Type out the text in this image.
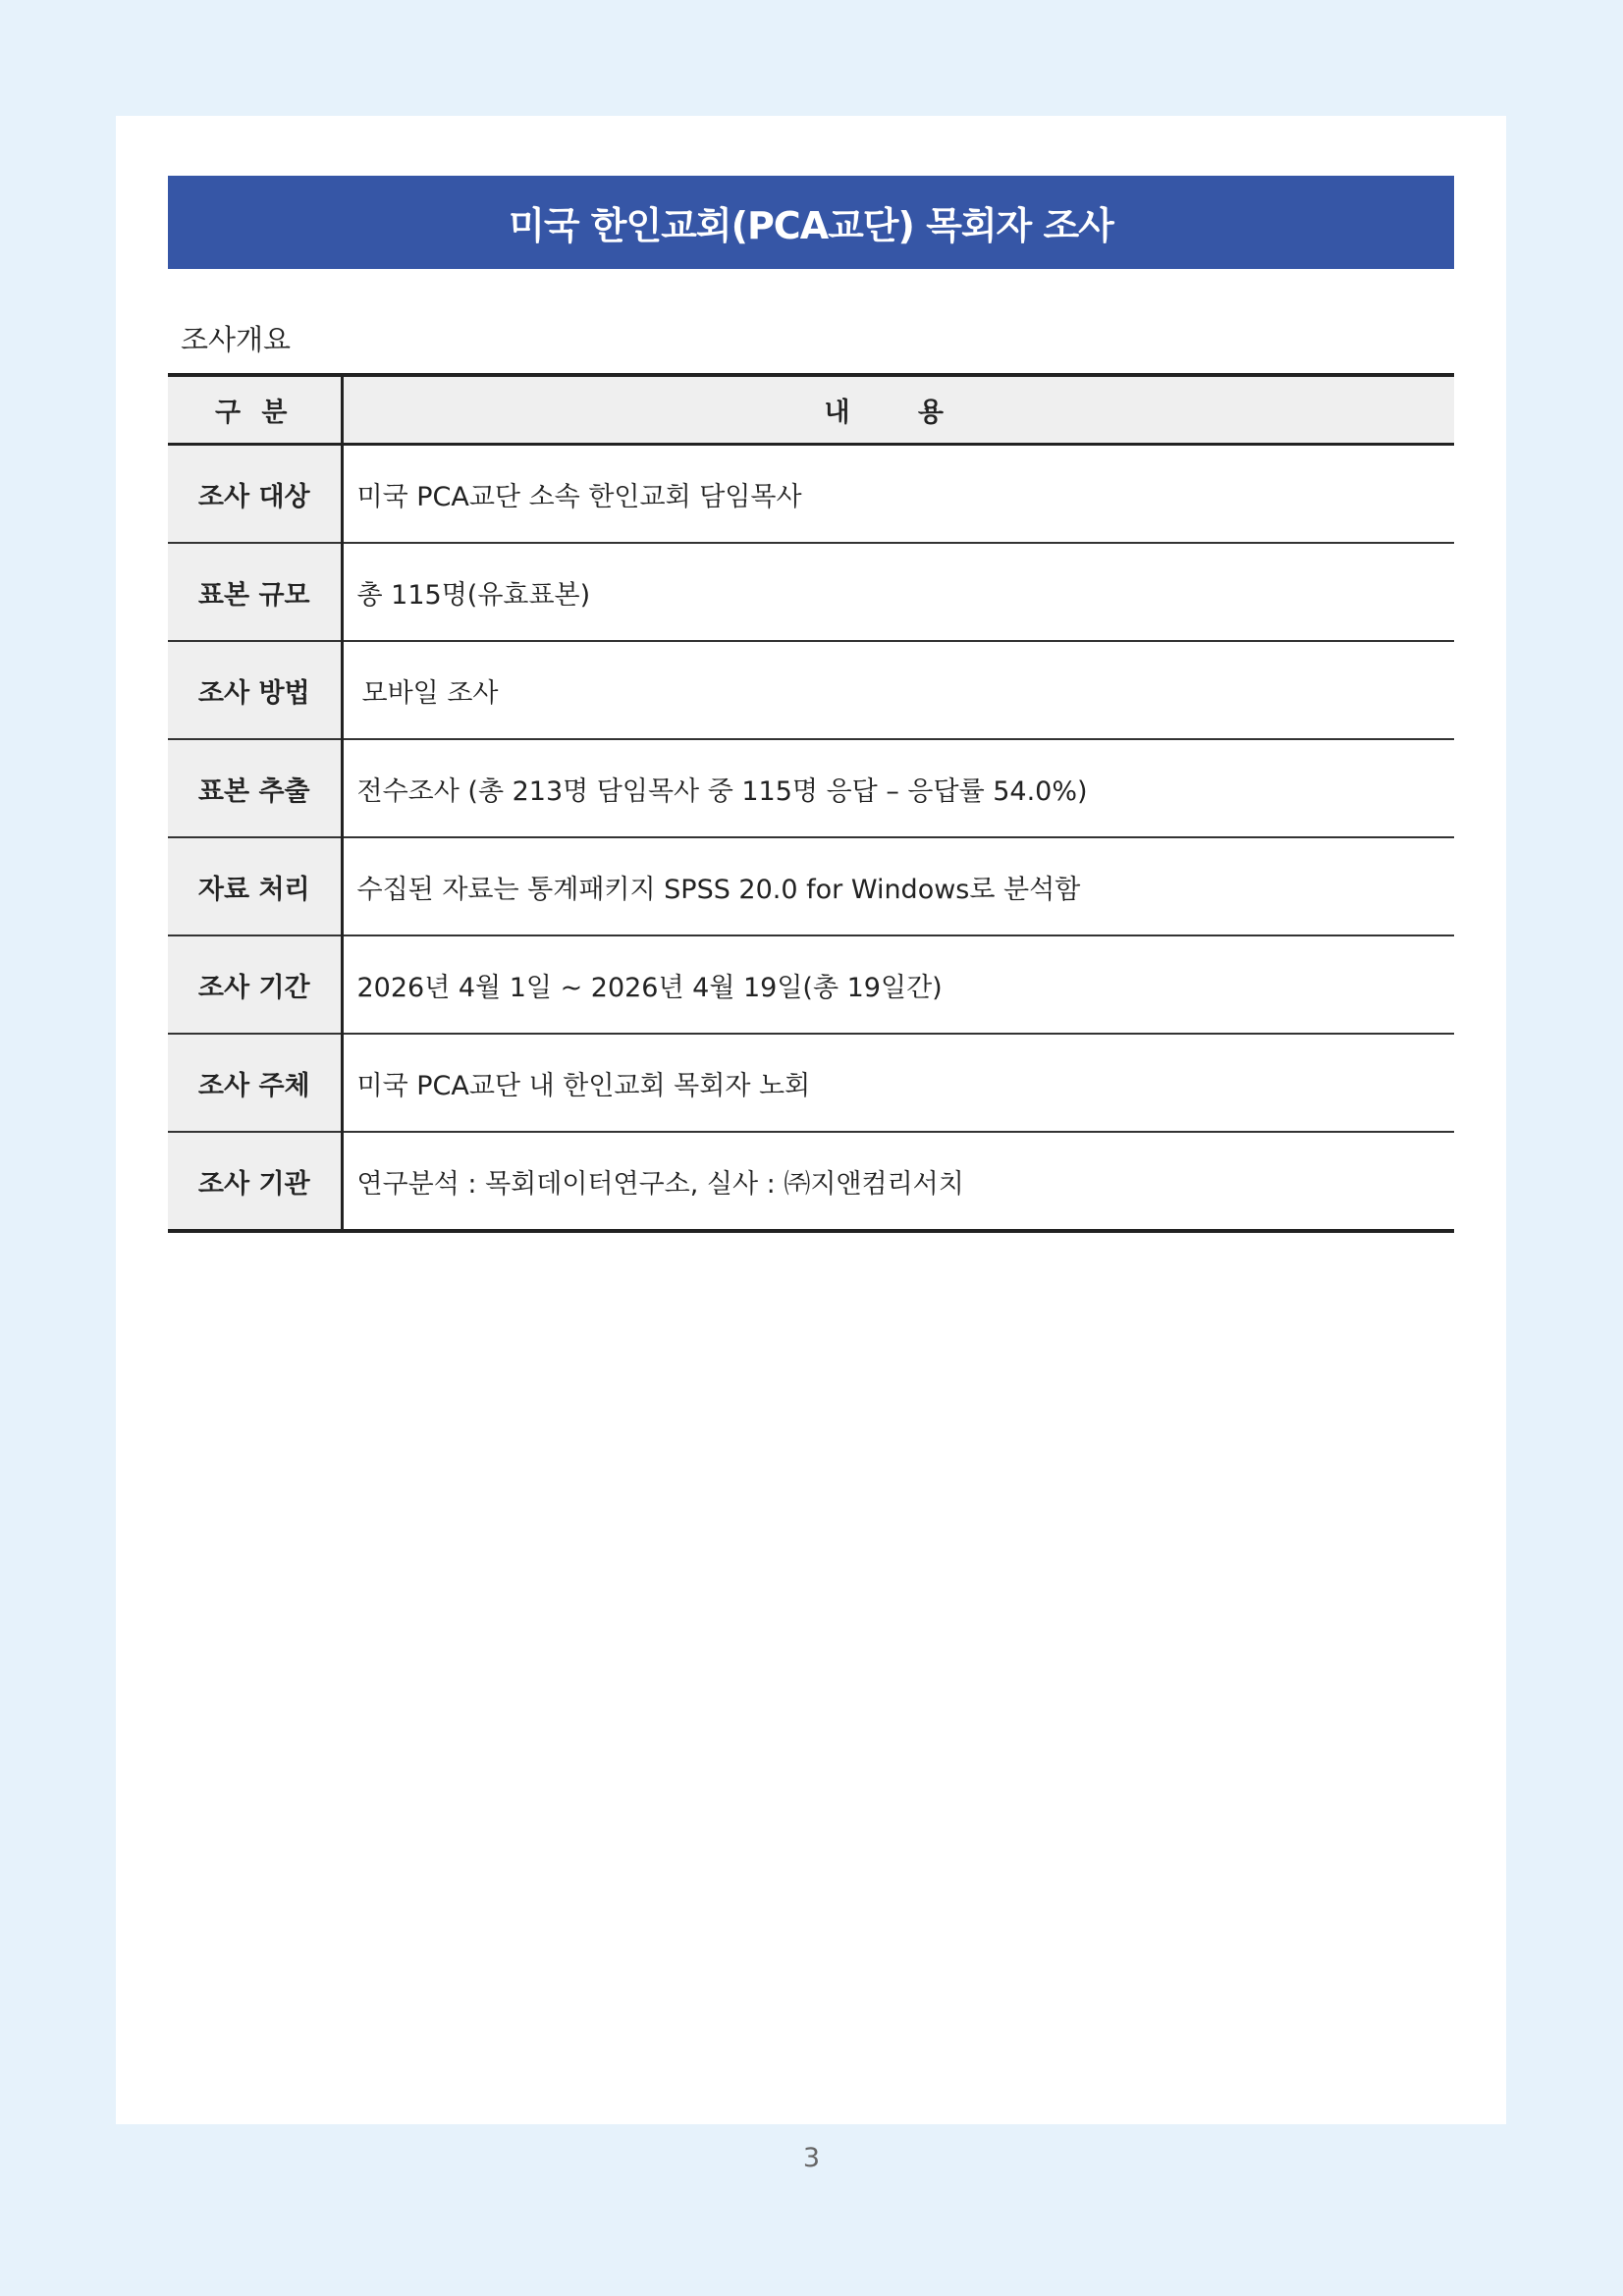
미국 한인교회(PCA교단) 목회자 조사
조사개요
구 분	내 용
조사 대상	미국 PCA교단 소속 한인교회 담임목사
표본 규모	총 115명(유효표본)
조사 방법	모바일 조사
표본 추출	전수조사 (총 213명 담임목사 중 115명 응답 – 응답률 54.0%)
자료 처리	수집된 자료는 통계패키지 SPSS 20.0 for Windows로 분석함
조사 기간	2026년 4월 1일 ~ 2026년 4월 19일(총 19일간)
조사 주체	미국 PCA교단 내 한인교회 목회자 노회
조사 기관	연구분석 : 목회데이터연구소, 실사 : ㈜지앤컴리서치
3
